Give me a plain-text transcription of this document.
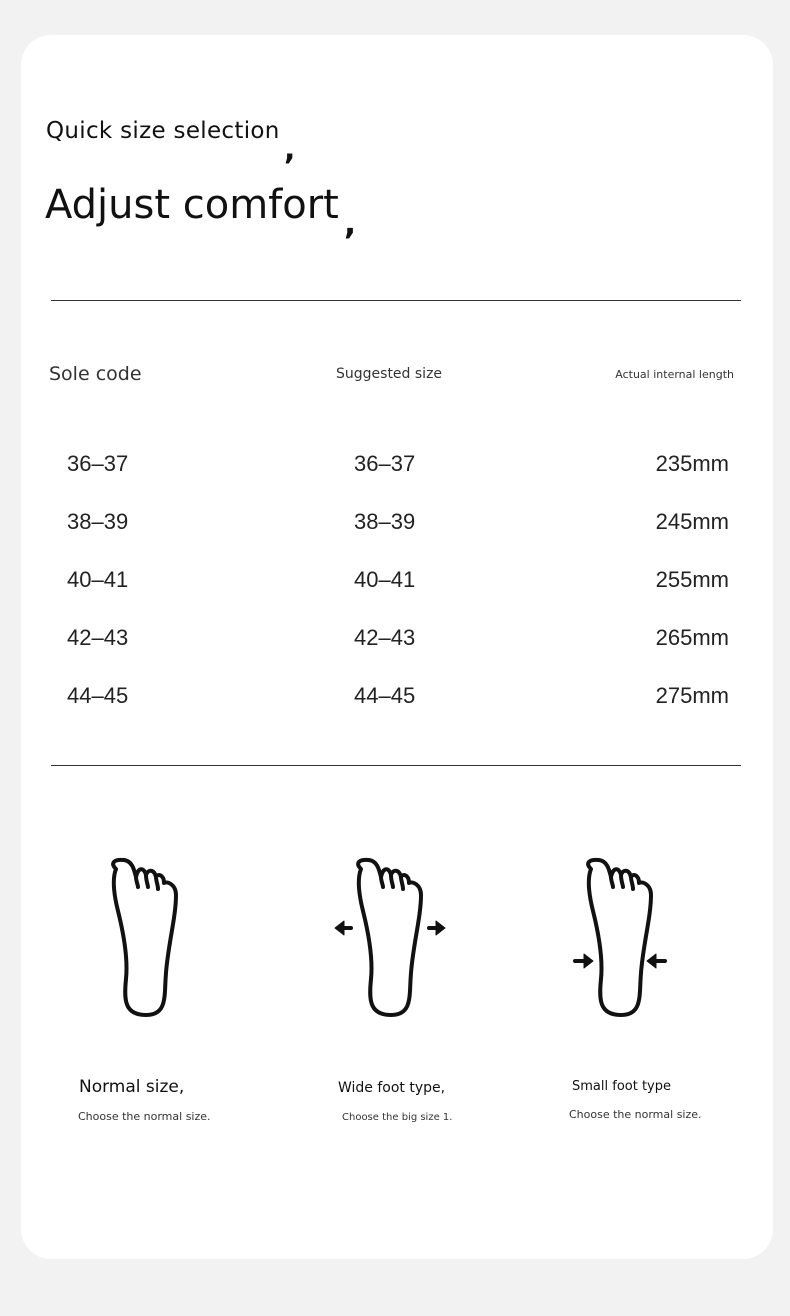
Quick size selection
,
Adjust comfort ,
Sole code	Suggested size	Actual internal length
36–37	36–37	235mm
38–39	38–39	245mm
40–41	40–41	255mm
42–43	42–43	265mm
44–45	44–45	275mm
Normal size,
Choose the normal size.
Wide foot type,
Choose the big size 1.
Small foot type
Choose the normal size.
